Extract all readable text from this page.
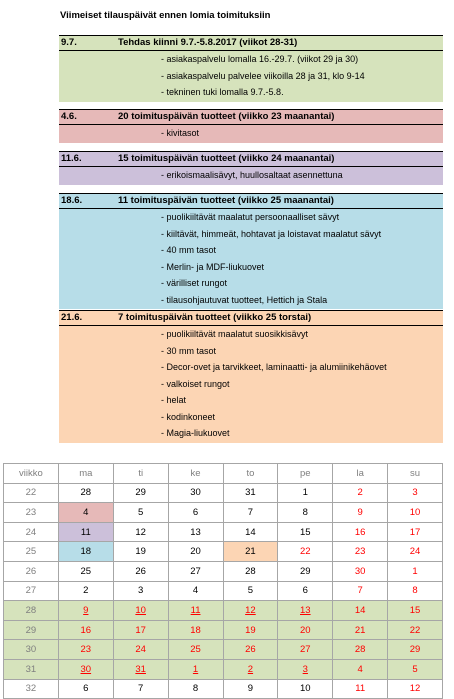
Viimeiset tilauspäivät ennen lomia toimituksiin
9.7.	Tehdas kiinni 9.7.-5.8.2017 (viikot 28-31)
- asiakaspalvelu lomalla 16.-29.7. (viikot 29 ja 30)
- asiakaspalvelu palvelee viikoilla 28 ja 31, klo 9-14
- tekninen tuki lomalla 9.7.-5.8.
4.6.	20 toimituspäivän tuotteet (viikko 23 maanantai)
- kivitasot
11.6.	15 toimituspäivän tuotteet (viikko 24 maanantai)
- erikoismaalisävyt, huullosaltaat asennettuna
18.6.	11 toimituspäivän tuotteet (viikko 25 maanantai)
- puolikiiltävät maalatut persoonaalliset sävyt
- kiiltävät, himmeät, hohtavat ja loistavat maalatut sävyt
- 40 mm tasot
- Merlin- ja MDF-liukuovet
- värilliset rungot
- tilausohjautuvat tuotteet, Hettich ja Stala
21.6.	7 toimituspäivän tuotteet (viikko 25 torstai)
- puolikiiltävät maalatut suosikkisävyt
- 30 mm tasot
- Decor-ovet ja tarvikkeet, laminaatti- ja alumiinikehäovet
- valkoiset rungot
- helat
- kodinkoneet
- Magia-liukuovet
viikko	ma	ti	ke	to	pe	la	su
22	28	29	30	31	1	2	3
23	4	5	6	7	8	9	10
24	11	12	13	14	15	16	17
25	18	19	20	21	22	23	24
26	25	26	27	28	29	30	1
27	2	3	4	5	6	7	8
28	9	10	11	12	13	14	15
29	16	17	18	19	20	21	22
30	23	24	25	26	27	28	29
31	30	31	1	2	3	4	5
32	6	7	8	9	10	11	12
